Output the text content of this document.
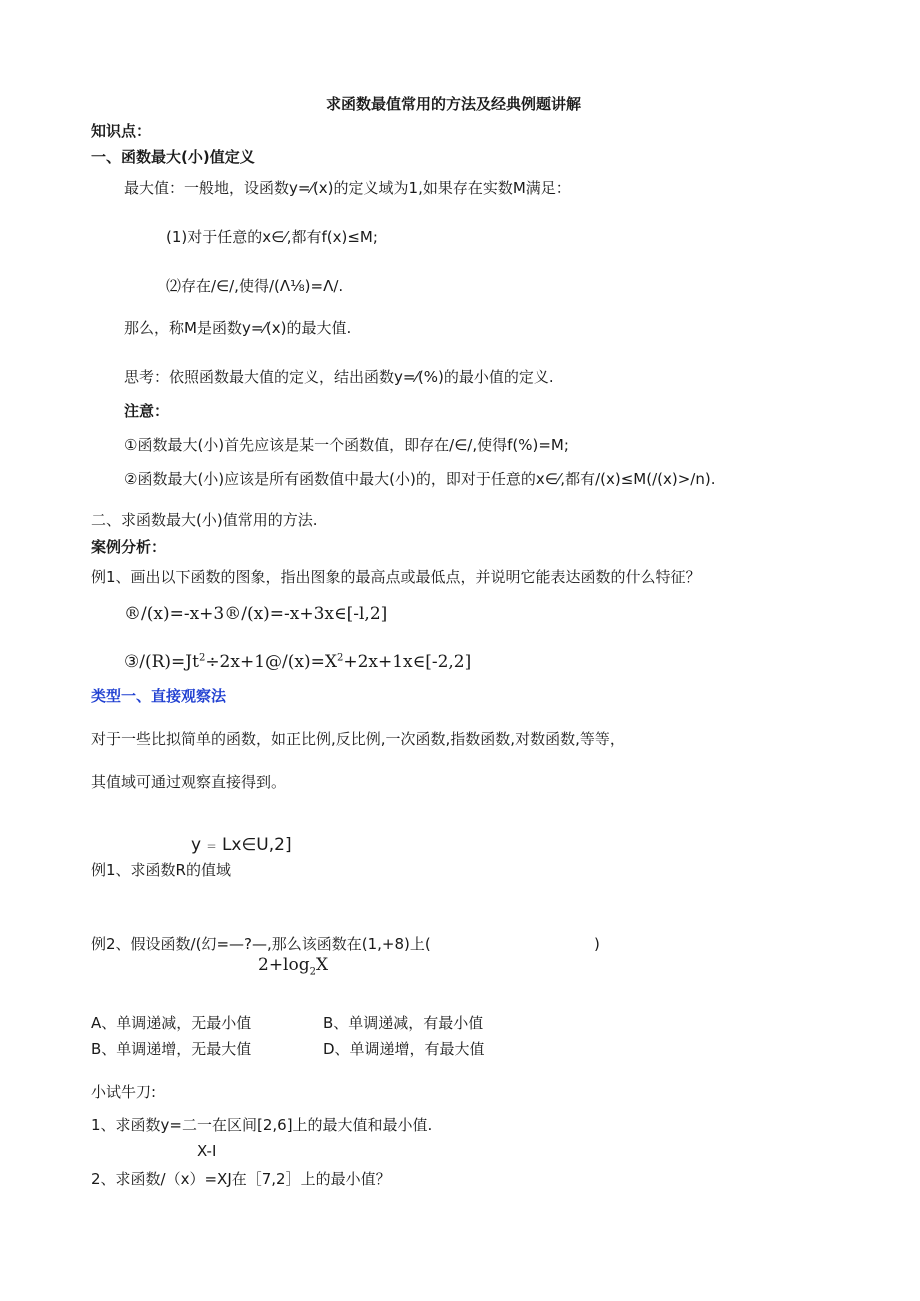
求函数最值常用的方法及经典例题讲解
知识点：
一、函数最大(小)值定义
最大值：一般地，设函数y=⁄(x)的定义域为1,如果存在实数M满足：
(1)对于任意的x∈⁄,都有f(x)≤M;
⑵存在/∈/,使得/(Λ⅛)=Λ∕.
那么，称M是函数y=⁄(x)的最大值.
思考：依照函数最大值的定义，结出函数y=⁄(%)的最小值的定义.
注意：
①函数最大(小)首先应该是某一个函数值，即存在/∈/,使得f(%)=M;
②函数最大(小)应该是所有函数值中最大(小)的，即对于任意的x∈⁄,都有/(x)≤M(/(x)>∕n).
二、求函数最大(小)值常用的方法.
案例分析：
例1、画出以下函数的图象，指出图象的最高点或最低点，并说明它能表达函数的什么特征？
®/(x)=-x+3®/(x)=-x+3x∈[-l,2]
$③/(R)=Jt^2\div 2x+1@/(x)=X^2+2x+1x\in[-2,2]$
类型一、直接观察法
对于一些比拟简单的函数，如正比例,反比例,一次函数,指数函数,对数函数,等等，
其值域可通过观察直接得到。
y = Lx∈U,2]
例1、求函数R的值域
例2、假设函数/(幻=—?—,那么该函数在(1,+8)上(	)
$2+\log_2X$
A、单调递减，无最小值	B、单调递减，有最小值
B、单调递增，无最大值	D、单调递增，有最大值
小试牛刀:
1、求函数y=二一在区间[2,6]上的最大值和最小值.
X-I
2、求函数/（x）=XJ在［7,2］上的最小值？
